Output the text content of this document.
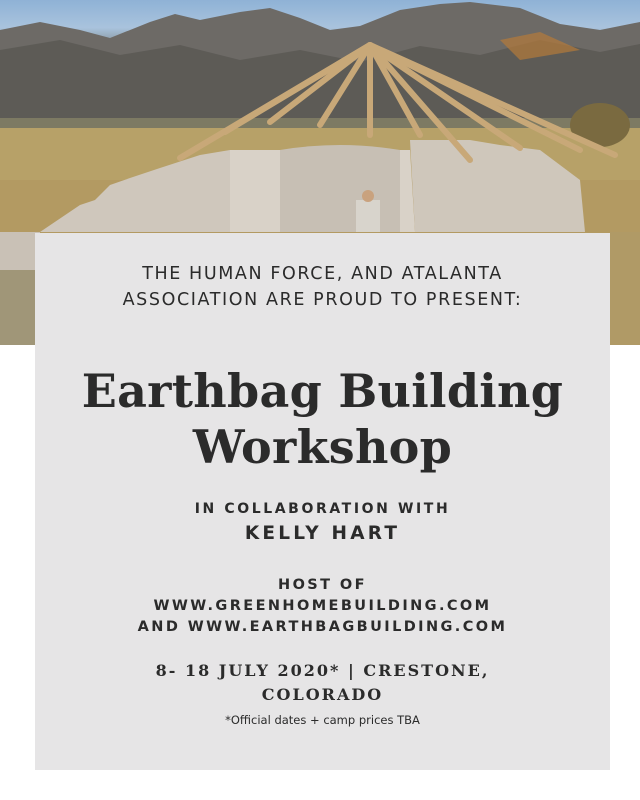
THE HUMAN FORCE, AND ATALANTA ASSOCIATION ARE PROUD TO PRESENT:
Earthbag Building
Workshop
IN COLLABORATION WITH
KELLY HART
HOST OF
WWW.GREENHOMEBUILDING.COM
AND WWW.EARTHBAGBUILDING.COM
8- 18 JULY 2020* | CRESTONE, COLORADO
*Official dates + camp prices TBA
